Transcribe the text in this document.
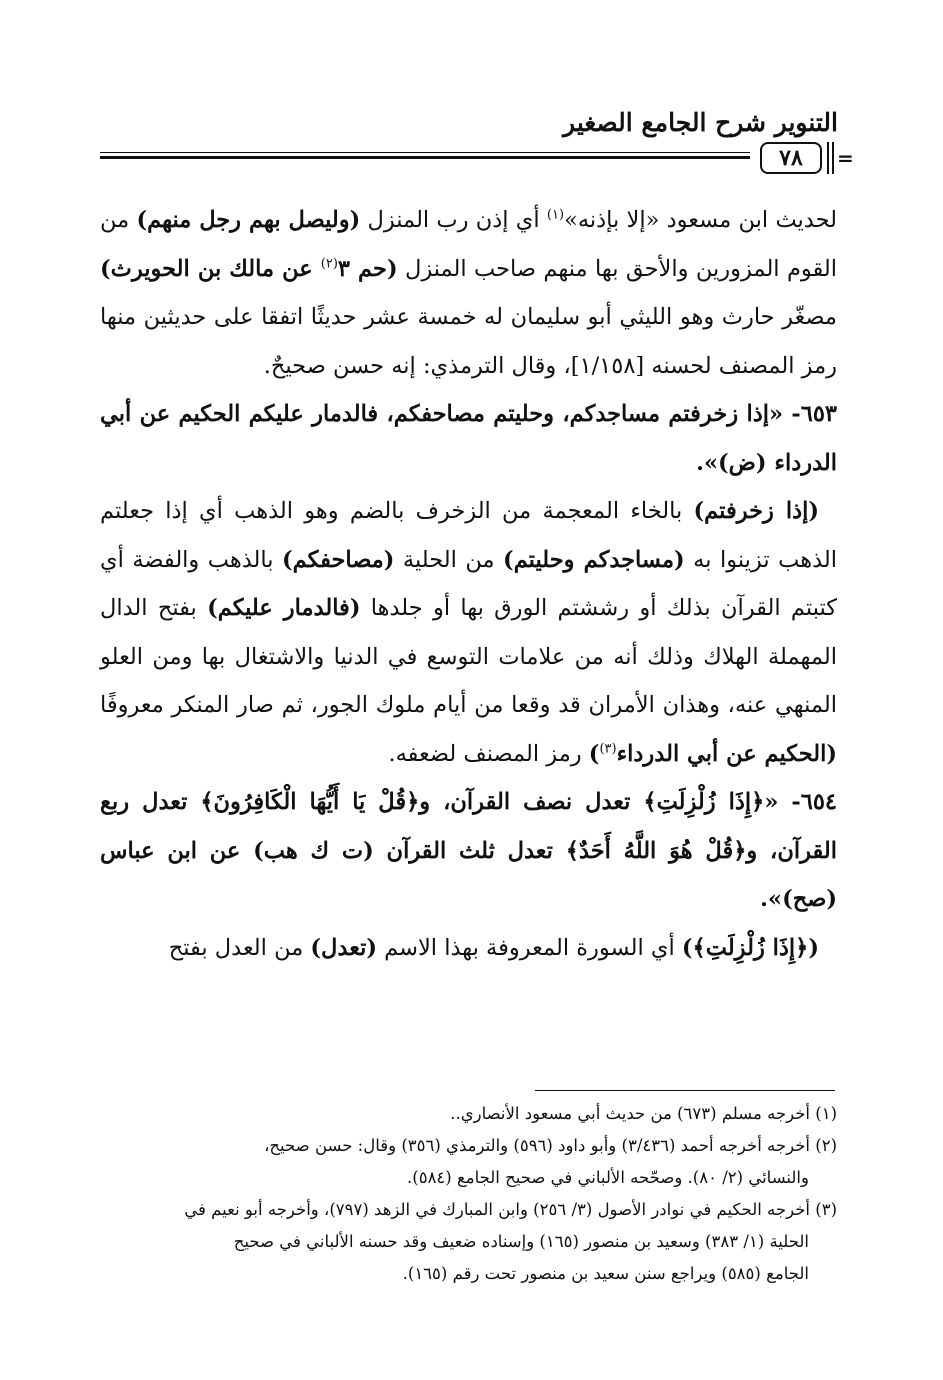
التنوير شرح الجامع الصغير
٧٨	=

لحديث ابن مسعود «إلا بإذنه»$^{(١)}$ أي إذن رب المنزل (وليصل بهم رجل منهم) من القوم المزورين والأحق بها منهم صاحب المنزل (حم ٣$^{(٢)}$ عن مالك بن الحويرث) مصغّر حارث وهو الليثي أبو سليمان له خمسة عشر حديثًا اتفقا على حديثين منها رمز المصنف لحسنه [١/١٥٨]، وقال الترمذي: إنه حسن صحيحٌ.

٦٥٣- «إذا زخرفتم مساجدكم، وحليتم مصاحفكم، فالدمار عليكم الحكيم عن أبي الدرداء (ض)».

(إذا زخرفتم) بالخاء المعجمة من الزخرف بالضم وهو الذهب أي إذا جعلتم الذهب تزينوا به (مساجدكم وحليتم) من الحلية (مصاحفكم) بالذهب والفضة أي كتبتم القرآن بذلك أو رششتم الورق بها أو جلدها (فالدمار عليكم) بفتح الدال المهملة الهلاك وذلك أنه من علامات التوسع في الدنيا والاشتغال بها ومن العلو المنهي عنه، وهذان الأمران قد وقعا من أيام ملوك الجور، ثم صار المنكر معروفًا (الحكيم عن أبي الدرداء$^{(٣)}$) رمز المصنف لضعفه.

٦٥٤- «﴿إِذَا زُلْزِلَتِ﴾ تعدل نصف القرآن، و﴿قُلْ يَا أَيُّهَا الْكَافِرُونَ﴾ تعدل ربع القرآن، و﴿قُلْ هُوَ اللَّهُ أَحَدٌ﴾ تعدل ثلث القرآن (ت ك هب) عن ابن عباس (صح)».

(﴿إِذَا زُلْزِلَتِ﴾) أي السورة المعروفة بهذا الاسم (تعدل) من العدل بفتح

(١) أخرجه مسلم (٦٧٣) من حديث أبي مسعود الأنصاري..

(٢) أخرجه أخرجه أحمد (٣/٤٣٦) وأبو داود (٥٩٦) والترمذي (٣٥٦) وقال: حسن صحيح،

والنسائي (٢/ ٨٠). وصحّحه الألباني في صحيح الجامع (٥٨٤).

(٣) أخرجه الحكيم في نوادر الأصول (٣/ ٢٥٦) وابن المبارك في الزهد (٧٩٧)، وأخرجه أبو نعيم في

الحلية (١/ ٣٨٣) وسعيد بن منصور (١٦٥) وإسناده ضعيف وقد حسنه الألباني في صحيح

الجامع (٥٨٥) ويراجع سنن سعيد بن منصور تحت رقم (١٦٥).
